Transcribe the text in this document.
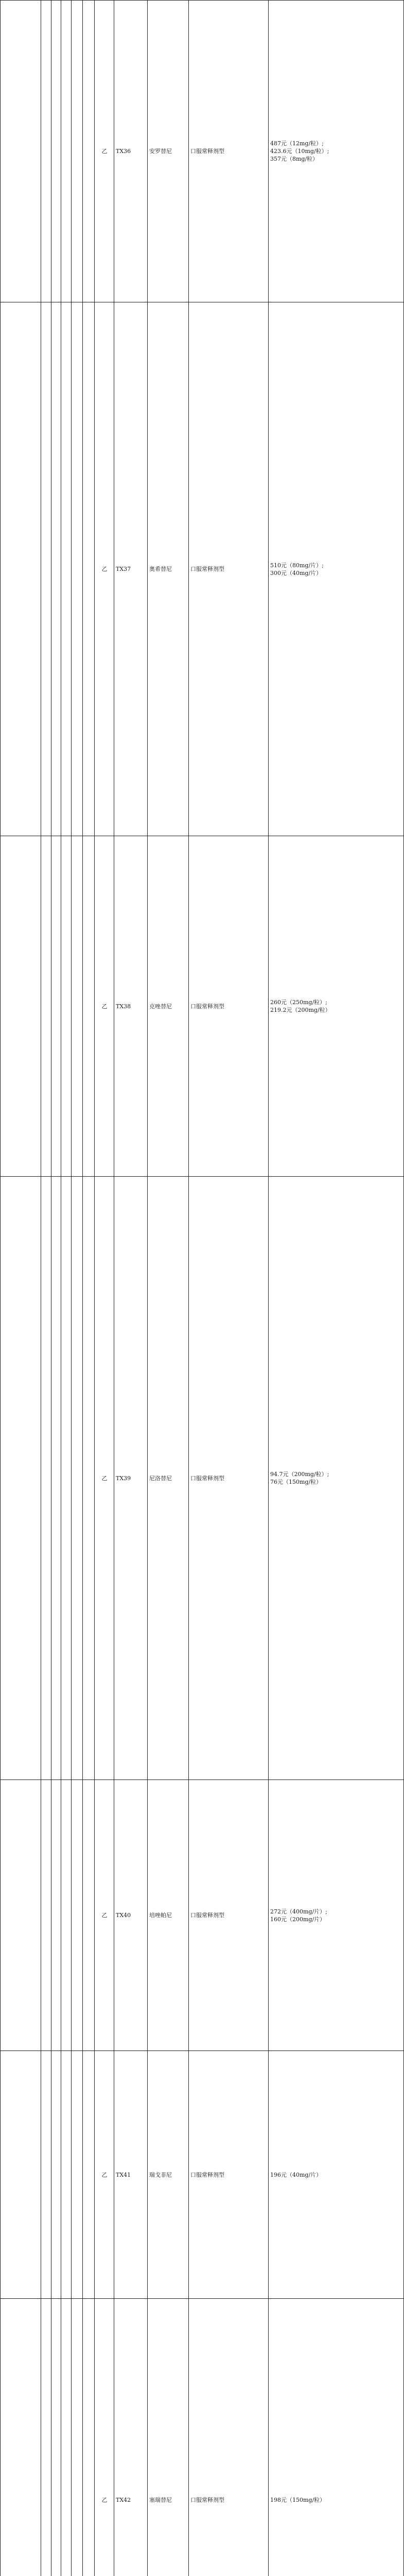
						乙	TX36	安罗替尼	口服常释剂型	487元（12mg/粒）;
423.6元（10mg/粒）;
357元（8mg/粒）

						乙	TX37	奥希替尼	口服常释剂型	510元（80mg/片）;
300元（40mg/片）

						乙	TX38	克唑替尼	口服常释剂型	260元（250mg/粒）;
219.2元（200mg/粒）

						乙	TX39	尼洛替尼	口服常释剂型	94.7元（200mg/粒）;
76元（150mg/粒）

						乙	TX40	培唑帕尼	口服常释剂型	272元（400mg/片）;
160元（200mg/片）

						乙	TX41	瑞戈非尼	口服常释剂型	196元（40mg/片）

						乙	TX42	塞瑞替尼	口服常释剂型	198元（150mg/粒）
